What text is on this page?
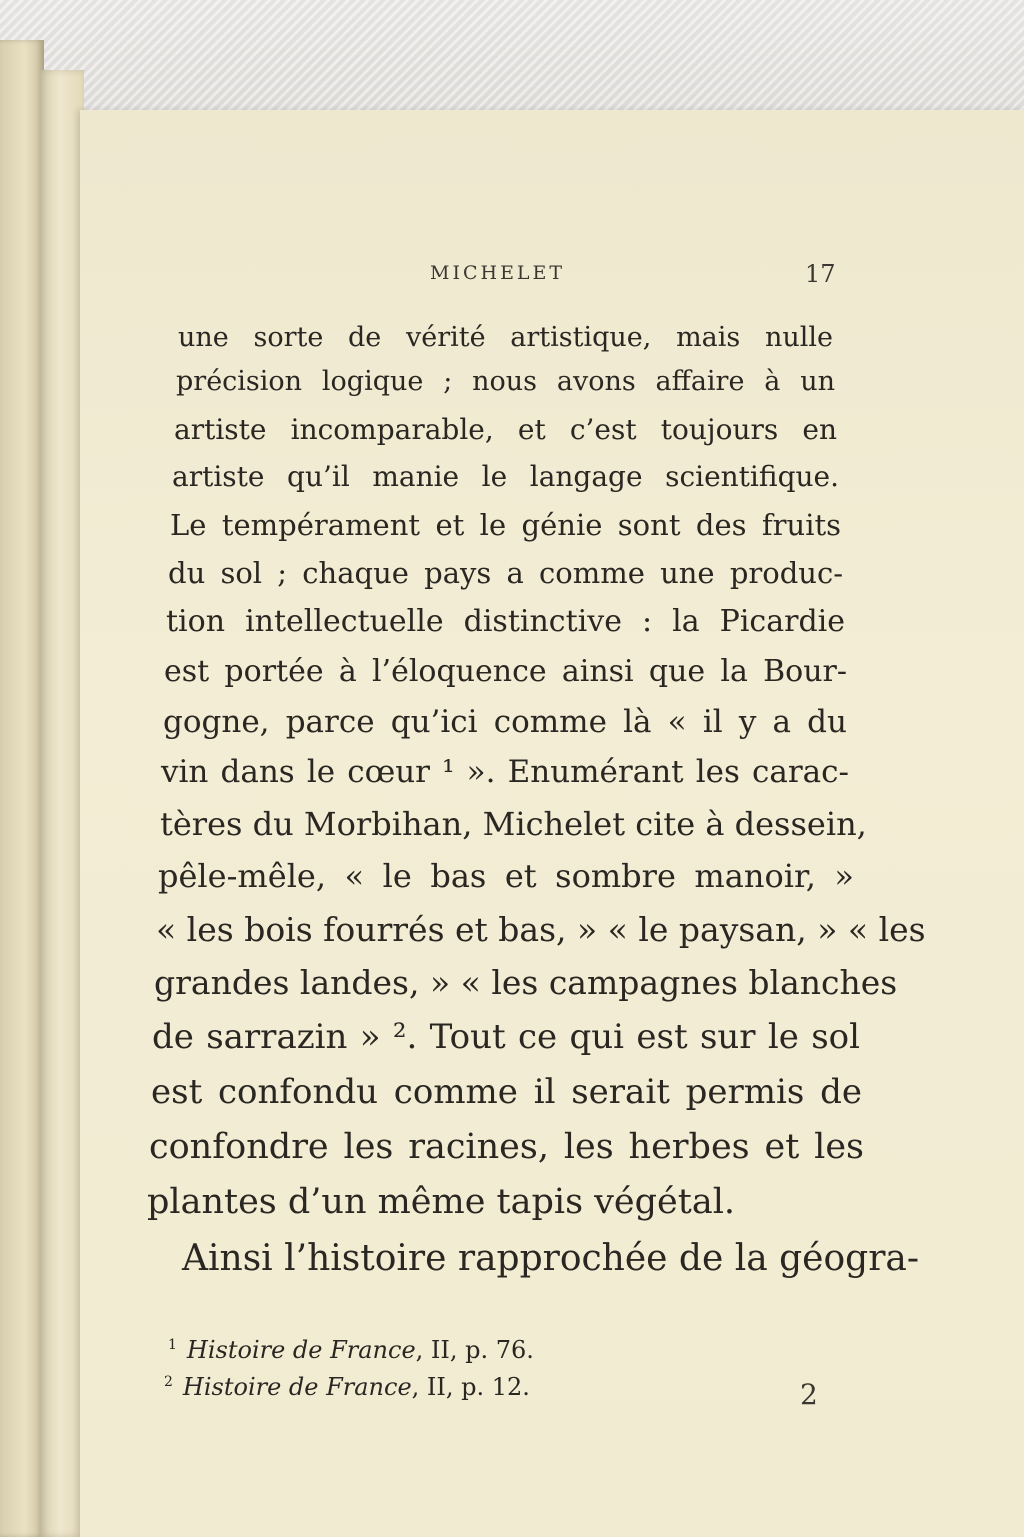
MICHELET	17

une sorte de vérité artistique, mais nulle

précision logique ; nous avons affaire à un

artiste incomparable, et c’est toujours en

artiste qu’il manie le langage scientifique.

Le tempérament et le génie sont des fruits

du sol ; chaque pays a comme une produc-

tion intellectuelle distinctive : la Picardie

est portée à l’éloquence ainsi que la Bour-

gogne, parce qu’ici comme là « il y a du

vin dans le cœur ¹ ». Enumérant les carac-

tères du Morbihan, Michelet cite à dessein,

pêle-mêle, « le bas et sombre manoir, »

« les bois fourrés et bas, » « le paysan, » « les

grandes landes, » « les campagnes blanches

de sarrazin » ². Tout ce qui est sur le sol

est confondu comme il serait permis de

confondre les racines, les herbes et les

plantes d’un même tapis végétal.

Ainsi l’histoire rapprochée de la géogra-

$^1$ Histoire de France, II, p. 76.

$^2$ Histoire de France, II, p. 12.	2
